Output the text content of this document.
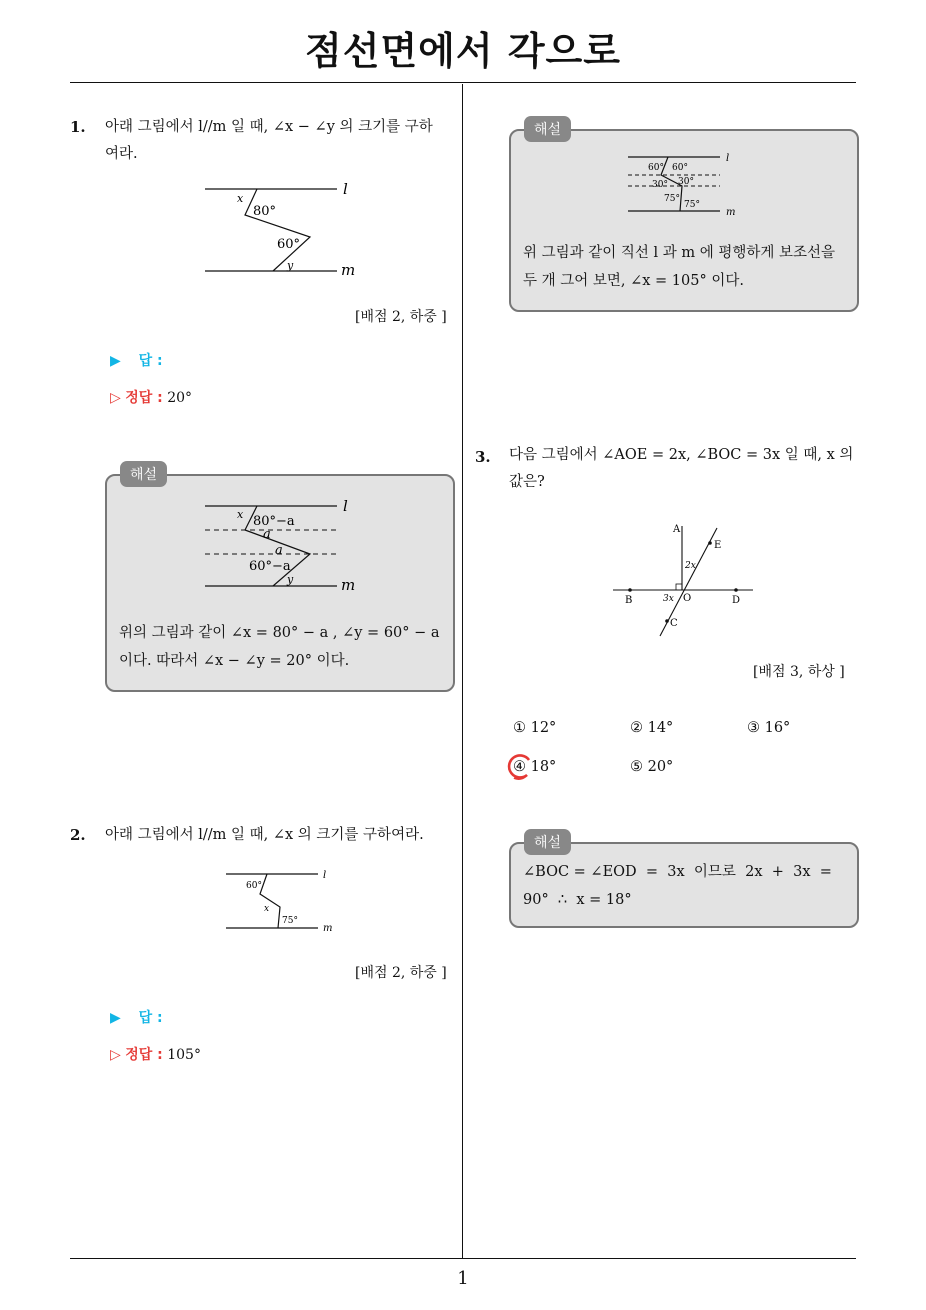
점선면에서 각으로
1
1. 아래 그림에서 l//m 일 때, ∠x − ∠y 의 크기를 구하
여라.
x
80°
60°
y
l
m
[배점 2, 하중 ]
▶ 답 :
▷ 정답 : 20°
해설
x 80°−a
a
a
60°−a
y
l
m
위의 그림과 같이 ∠x = 80° − a , ∠y = 60° − a
이다. 따라서 ∠x − ∠y = 20° 이다.
2. 아래 그림에서 l//m 일 때, ∠x 의 크기를 구하여라.
60°
x
75°
l
m
[배점 2, 하중 ]
▶ 답 :
▷ 정답 : 105°
해설
60° 60°
30° 30°
75°
75°
l
m
위 그림과 같이 직선 l 과 m 에 평행하게 보조선을
두 개 그어 보면, ∠x = 105° 이다.
3. 다음 그림에서 ∠AOE = 2x, ∠BOC = 3x 일 때, x 의
값은?
A
E
B	O	D
C
2x
3x
[배점 3, 하상 ]
① 12°	② 14°	③ 16°
④ 18°	⑤ 20°
해설
∠BOC = ∠EOD  =  3x  이므로  2x  +  3x  =
90°  ∴  x = 18°
